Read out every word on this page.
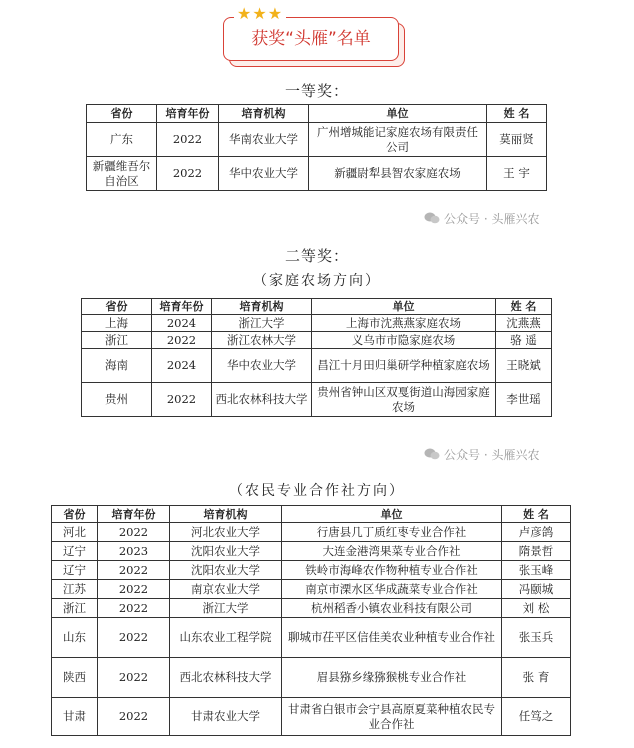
★★★
获奖“头雁”名单
一等奖：
省份	培育年份	培育机构	单位	姓 名
广东	2022	华南农业大学	广州增城能记家庭农场有限责任公司	莫丽贤
新疆维吾尔自治区	2022	华中农业大学	新疆尉犁县智农家庭农场	王 宇
公众号 · 头雁兴农
二等奖：
（家庭农场方向）
省份	培育年份	培育机构	单位	姓 名
上海	2024	浙江大学	上海市沈燕燕家庭农场	沈燕燕
浙江	2022	浙江农林大学	义乌市市隐家庭农场	骆 遥
海南	2024	华中农业大学	昌江十月田归巢研学种植家庭农场	王晓斌
贵州	2022	西北农林科技大学	贵州省钟山区双戛街道山海园家庭农场	李世瑶
公众号 · 头雁兴农
（农民专业合作社方向）
省份	培育年份	培育机构	单位	姓 名
河北	2022	河北农业大学	行唐县几丁质红枣专业合作社	卢彦鸽
辽宁	2023	沈阳农业大学	大连金港湾果菜专业合作社	隋景哲
辽宁	2022	沈阳农业大学	铁岭市海峰农作物种植专业合作社	张玉峰
江苏	2022	南京农业大学	南京市溧水区华成蔬菜专业合作社	冯颐城
浙江	2022	浙江大学	杭州稻香小镇农业科技有限公司	刘 松
山东	2022	山东农业工程学院	聊城市茌平区信佳美农业种植专业合作社	张玉兵
陕西	2022	西北农林科技大学	眉县猕乡缘猕猴桃专业合作社	张 育
甘肃	2022	甘肃农业大学	甘肃省白银市会宁县高原夏菜种植农民专业合作社	任笃之
